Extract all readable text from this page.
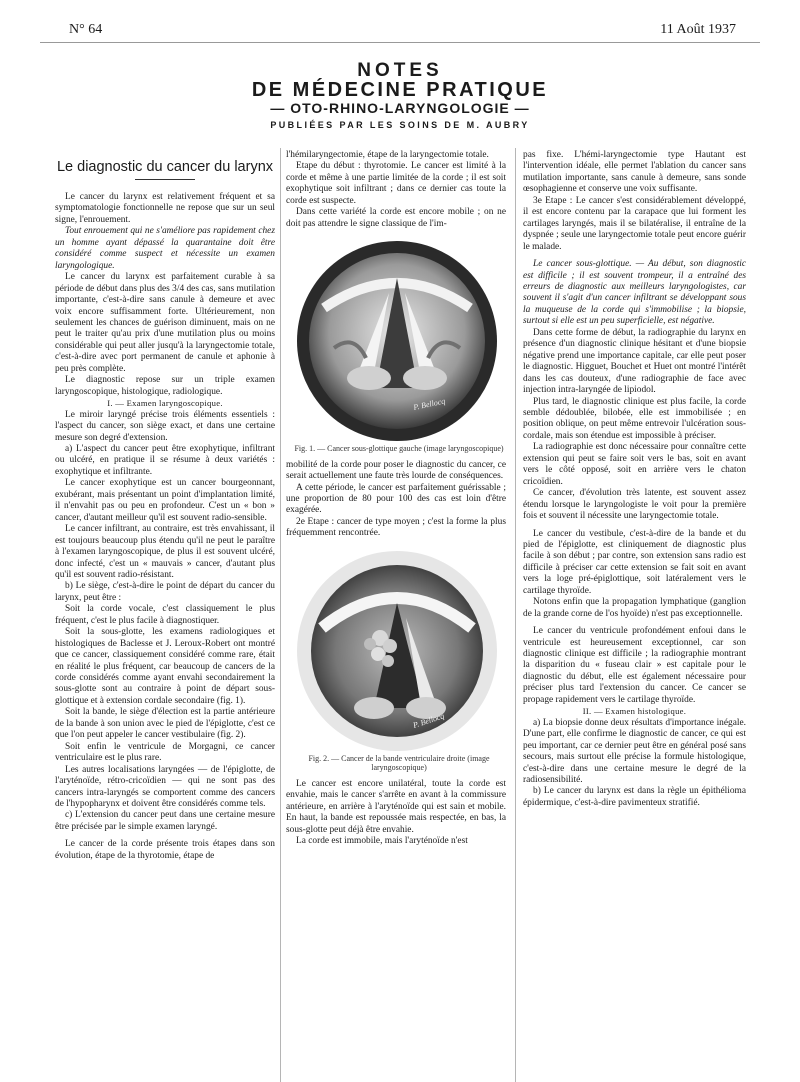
N° 64	11 Août 1937
NOTES
DE MÉDECINE PRATIQUE
— OTO-RHINO-LARYNGOLOGIE —
PUBLIÉES PAR LES SOINS DE M. AUBRY
Le diagnostic du cancer du larynx

Le cancer du larynx est relativement fréquent et sa symptomatologie fonctionnelle ne repose que sur un seul signe, l'enrouement.

Tout enrouement qui ne s'améliore pas rapidement chez un homme ayant dépassé la quarantaine doit être considéré comme suspect et nécessite un examen laryngologique.

Le cancer du larynx est parfaitement curable à sa période de début dans plus des 3/4 des cas, sans mutilation importante, c'est-à-dire sans canule à demeure et avec voix encore suffisamment forte. Ultérieurement, non seulement les chances de guérison diminuent, mais on ne peut le traiter qu'au prix d'une mutilation plus ou moins considérable qui peut aller jusqu'à la laryngectomie totale, c'est-à-dire avec port permanent de canule et aphonie à peu près complète.

Le diagnostic repose sur un triple examen laryngoscopique, histologique, radiologique.

I. — Examen laryngoscopique.

Le miroir laryngé précise trois éléments essentiels : l'aspect du cancer, son siège exact, et dans une certaine mesure son degré d'extension.

a) L'aspect du cancer peut être exophytique, infiltrant ou ulcéré, en pratique il se résume à deux variétés : exophytique et infiltrante.

Le cancer exophytique est un cancer bourgeonnant, exubérant, mais présentant un point d'implantation limité, il n'envahit pas ou peu en profondeur. C'est un « bon » cancer, d'autant meilleur qu'il est souvent radio-sensible.

Le cancer infiltrant, au contraire, est très envahissant, il est toujours beaucoup plus étendu qu'il ne peut le paraître à l'examen laryngoscopique, de plus il est souvent ulcéré, donc infecté, c'est un « mauvais » cancer, d'autant plus qu'il est souvent radio-résistant.

b) Le siège, c'est-à-dire le point de départ du cancer du larynx, peut être :

Soit la corde vocale, c'est classiquement le plus fréquent, c'est le plus facile à diagnostiquer.

Soit la sous-glotte, les examens radiologiques et histologiques de Baclesse et J. Leroux-Robert ont montré que ce cancer, classiquement considéré comme rare, était en réalité le plus fréquent, car beaucoup de cancers de la corde considérés comme ayant envahi secondairement la sous-glotte sont au contraire à point de départ sous-glottique et à extension cordale secondaire (fig. 1).

Soit la bande, le siège d'élection est la partie antérieure de la bande à son union avec le pied de l'épiglotte, c'est ce que l'on peut appeler le cancer vestibulaire (fig. 2).

Soit enfin le ventricule de Morgagni, ce cancer ventriculaire est le plus rare.

Les autres localisations laryngées — de l'épiglotte, de l'aryténoïde, rétro-cricoïdien — qui ne sont pas des cancers intra-laryngés se comportent comme des cancers de l'hypopharynx et doivent être considérés comme tels.

c) L'extension du cancer peut dans une certaine mesure être précisée par le simple examen laryngé.

Le cancer de la corde présente trois étapes dans son évolution, étape de la thyrotomie, étape de

l'hémilaryngectomie, étape de la laryngectomie totale.

Etape du début : thyrotomie. Le cancer est limité à la corde et même à une partie limitée de la corde ; il est soit exophytique soit infiltrant ; dans ce dernier cas toute la corde est suspecte.

Dans cette variété la corde est encore mobile ; on ne doit pas attendre le signe classique de l'im-

P. Bellocq

Fig. 1. — Cancer sous-glottique gauche (image laryngoscopique)

mobilité de la corde pour poser le diagnostic du cancer, ce serait actuellement une faute très lourde de conséquences.

A cette période, le cancer est parfaitement guérissable ; une proportion de 80 pour 100 des cas est loin d'être exagérée.

2e Etape : cancer de type moyen ; c'est la forme la plus fréquemment rencontrée.

P. Bellocq

Fig. 2. — Cancer de la bande ventriculaire droite (image laryngoscopique)

Le cancer est encore unilatéral, toute la corde est envahie, mais le cancer s'arrête en avant à la commissure antérieure, en arrière à l'aryténoïde qui est sain et mobile. En haut, la bande est repoussée mais respectée, en bas, la sous-glotte peut déjà être envahie.

La corde est immobile, mais l'aryténoïde n'est

pas fixe. L'hémi-laryngectomie type Hautant est l'intervention idéale, elle permet l'ablation du cancer sans mutilation importante, sans canule à demeure, sans sonde œsophagienne et conserve une voix suffisante.

3e Etape : Le cancer s'est considérablement développé, il est encore contenu par la carapace que lui forment les cartilages laryngés, mais il se bilatéralise, il entraîne de la dyspnée ; seule une laryngectomie totale peut encore guérir le malade.

Le cancer sous-glottique. — Au début, son diagnostic est difficile ; il est souvent trompeur, il a entraîné des erreurs de diagnostic aux meilleurs laryngologistes, car souvent il s'agit d'un cancer infiltrant se développant sous la muqueuse de la corde qui s'immobilise ; la biopsie, surtout si elle est un peu superficielle, est négative.

Dans cette forme de début, la radiographie du larynx en présence d'un diagnostic clinique hésitant et d'une biopsie négative prend une importance capitale, car elle peut poser le diagnostic. Higguet, Bouchet et Huet ont montré l'intérêt dans les cas douteux, d'une radiographie de face avec injection intra-laryngée de lipiodol.

Plus tard, le diagnostic clinique est plus facile, la corde semble dédoublée, bilobée, elle est immobilisée ; en position oblique, on peut même entrevoir l'ulcération sous-cordale, mais son étendue est impossible à préciser.

La radiographie est donc nécessaire pour connaître cette extension qui peut se faire soit vers le bas, soit en avant vers le côté opposé, soit en arrière vers le chaton cricoïdien.

Ce cancer, d'évolution très latente, est souvent assez étendu lorsque le laryngologiste le voit pour la première fois et souvent il nécessite une laryngectomie totale.

Le cancer du vestibule, c'est-à-dire de la bande et du pied de l'épiglotte, est cliniquement de diagnostic plus facile à son début ; par contre, son extension sans radio est difficile à préciser car cette extension se fait soit en avant vers la loge pré-épiglottique, soit latéralement vers le cartilage thyroïde.

Notons enfin que la propagation lymphatique (ganglion de la grande corne de l'os hyoïde) n'est pas exceptionnelle.

Le cancer du ventricule profondément enfoui dans le ventricule est heureusement exceptionnel, car son diagnostic clinique est difficile ; la radiographie montrant la disparition du « fuseau clair » est capitale pour le diagnostic du début, elle est également nécessaire pour préciser plus tard l'extension du cancer. Ce cancer se propage rapidement vers le cartilage thyroïde.

II. — Examen histologique.

a) La biopsie donne deux résultats d'importance inégale. D'une part, elle confirme le diagnostic de cancer, ce qui est peu important, car ce dernier peut être en général posé sans secours, mais surtout elle précise la formule histologique, c'est-à-dire dans une certaine mesure le degré de la radiosensibilité.

b) Le cancer du larynx est dans la règle un épithélioma épidermique, c'est-à-dire pavimenteux stratifié.
